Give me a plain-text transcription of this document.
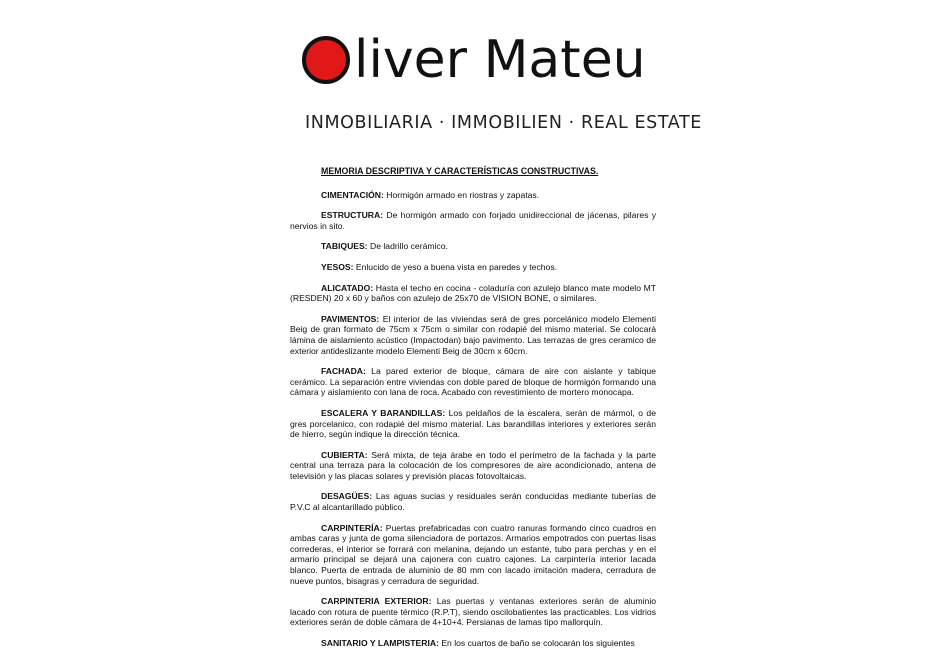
liver Mateu
INMOBILIARIA · IMMOBILIEN · REAL ESTATE
MEMORIA DESCRIPTIVA Y CARACTERÍSTICAS CONSTRUCTIVAS.
CIMENTACIÓN: Hormigón armado en riostras y zapatas.
ESTRUCTURA: De hormigón armado con forjado unidireccional de jácenas, pilares y nervios in sito.
TABIQUES: De ladrillo cerámico.
YESOS: Enlucido de yeso a buena vista en paredes y techos.
ALICATADO: Hasta el techo en cocina - coladuría con azulejo blanco mate modelo MT (RESDEN) 20 x 60 y baños con azulejo de 25x70 de VISION BONE, o similares.
PAVIMENTOS: El interior de las viviendas será de gres porcelánico modelo Elementi Beig de gran formato de 75cm x 75cm o similar con rodapié del mismo material. Se colocará lámina de aislamiento acústico (Impactodan) bajo pavimento. Las terrazas de gres ceramico de exterior antideslizante modelo Elementi Beig de 30cm x 60cm.
FACHADA: La pared exterior de bloque, cámara de aire con aislante y tabique cerámico. La separación entre viviendas con doble pared de bloque de hormigón formando una cámara y aislamiento con lana de roca. Acabado con revestimiento de mortero monocapa.
ESCALERA Y BARANDILLAS: Los peldaños de la escalera, serán de mármol, o de gres porcelanico, con rodapié del mismo material. Las barandillas interiores y exteriores serán de hierro, según indique la dirección técnica.
CUBIERTA: Será mixta, de teja árabe en todo el perímetro de la fachada y la parte central una terraza para la colocación de los compresores de aire acondicionado, antena de televisión y las placas solares y previsión placas fotovoltaicas.
DESAGÜES: Las aguas sucias y residuales serán conducidas mediante tuberías de P.V.C al alcantarillado público.
CARPINTERÍA: Puertas prefabricadas con cuatro ranuras formando cinco cuadros en ambas caras y junta de goma silenciadora de portazos. Armarios empotrados con puertas lisas correderas, el interior se forrará con melanina, dejando un estante, tubo para perchas y en el armario principal se dejará una cajonera con cuatro cajones. La carpintería interior lacada blanco. Puerta de entrada de aluminio de 80 mm con lacado imitación madera, cerradura de nueve puntos, bisagras y cerradura de seguridad.
CARPINTERIA EXTERIOR: Las puertas y ventanas exteriores serán de aluminio lacado con rotura de puente térmico (R.P.T), siendo oscilobatientes las practicables. Los vidrios exteriores serán de doble cámara de 4+10+4. Persianas de lamas tipo mallorquín.
SANITARIO Y LAMPISTERIA: En los cuartos de baño se colocarán los siguientes
